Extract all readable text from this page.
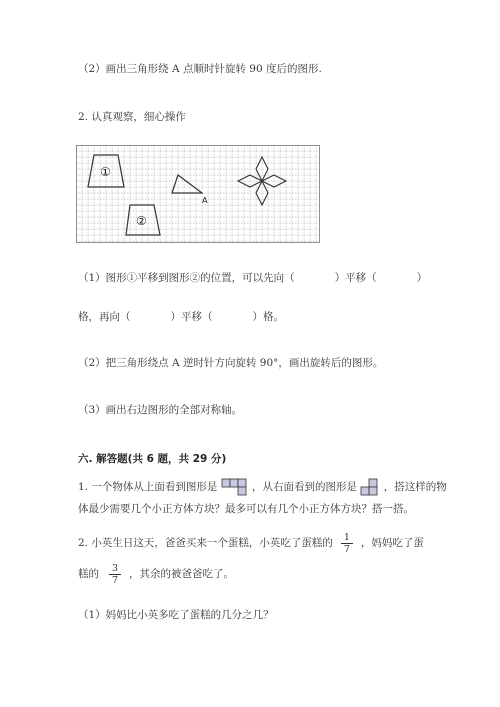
（2）画出三角形绕 A 点顺时针旋转 90 度后的图形.
2. 认真观察，细心操作
①
②
A
（1）图形①平移到图形②的位置，可以先向（	）平移（	）
格，再向（	）平移（	）格。
（2）把三角形绕点 A 逆时针方向旋转 90°，画出旋转后的图形。
（3）画出右边图形的全部对称轴。
六. 解答题(共 6 题，共 29 分)
1. 一个物体从上面看到图形是	，从右面看到的图形是	，搭这样的物
体最少需要几个小正方体方块？最多可以有几个小正方体方块？搭一搭。
2. 小英生日这天，爸爸买来一个蛋糕，小英吃了蛋糕的 $\frac{1}{7}$ ，妈妈吃了蛋
糕的 $\frac{3}{7}$ ，其余的被爸爸吃了。
（1）妈妈比小英多吃了蛋糕的几分之几？
